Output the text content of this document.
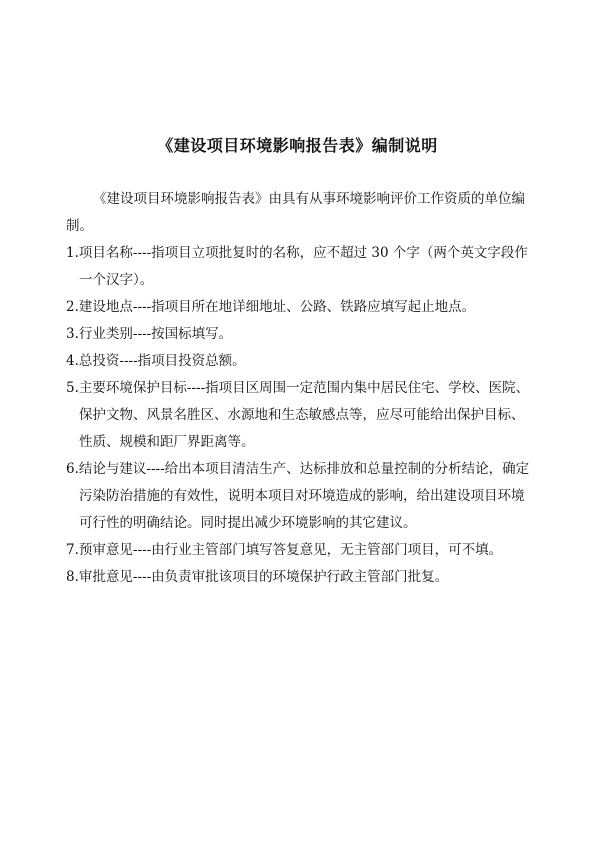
《建设项目环境影响报告表》编制说明

《建设项目环境影响报告表》由具有从事环境影响评价工作资质的单位编制。

1.项目名称----指项目立项批复时的名称，应不超过 30 个字（两个英文字段作一个汉字）。

2.建设地点----指项目所在地详细地址、公路、铁路应填写起止地点。

3.行业类别----按国标填写。

4.总投资----指项目投资总额。

5.主要环境保护目标----指项目区周围一定范围内集中居民住宅、学校、医院、保护文物、风景名胜区、水源地和生态敏感点等，应尽可能给出保护目标、性质、规模和距厂界距离等。

6.结论与建议----给出本项目清洁生产、达标排放和总量控制的分析结论，确定污染防治措施的有效性，说明本项目对环境造成的影响，给出建设项目环境可行性的明确结论。同时提出减少环境影响的其它建议。

7.预审意见----由行业主管部门填写答复意见，无主管部门项目，可不填。

8.审批意见----由负责审批该项目的环境保护行政主管部门批复。
